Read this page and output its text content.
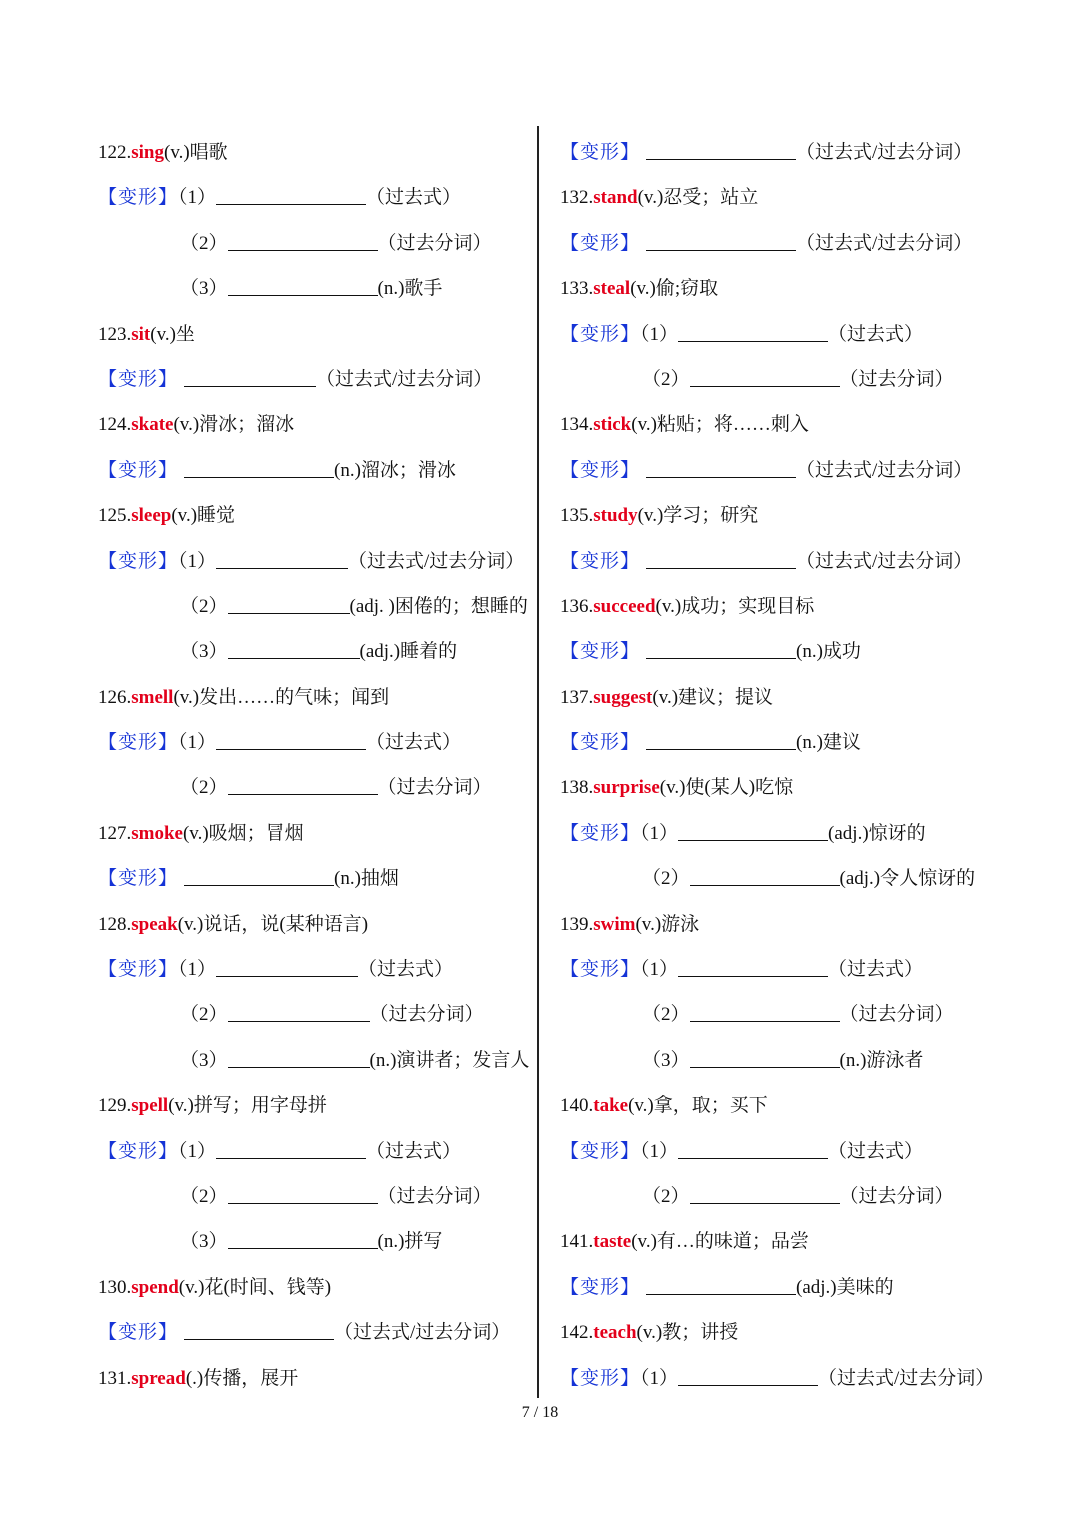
122.sing(v.)唱歌
【变形】（1）	（过去式）
（2）	（过去分词）
（3）	(n.)歌手
123.sit(v.)坐
【变形】	（过去式/过去分词）
124.skate(v.)滑冰；溜冰
【变形】	(n.)溜冰；滑冰
125.sleep(v.)睡觉
【变形】（1）	（过去式/过去分词）
（2）	(adj. )困倦的；想睡的
（3）	(adj.)睡着的
126.smell(v.)发出……的气味；闻到
【变形】（1）	（过去式）
（2）	（过去分词）
127.smoke(v.)吸烟；冒烟
【变形】	(n.)抽烟
128.speak(v.)说话，说(某种语言)
【变形】（1）	（过去式）
（2）	（过去分词）
（3）	(n.)演讲者；发言人
129.spell(v.)拼写；用字母拼
【变形】（1）	（过去式）
（2）	（过去分词）
（3）	(n.)拼写
130.spend(v.)花(时间、钱等)
【变形】	（过去式/过去分词）
131.spread(.)传播，展开
【变形】	（过去式/过去分词）
132.stand(v.)忍受；站立
【变形】	（过去式/过去分词）
133.steal(v.)偷;窃取
【变形】（1）	（过去式）
（2）	（过去分词）
134.stick(v.)粘贴；将……刺入
【变形】	（过去式/过去分词）
135.study(v.)学习；研究
【变形】	（过去式/过去分词）
136.succeed(v.)成功；实现目标
【变形】	(n.)成功
137.suggest(v.)建议；提议
【变形】	(n.)建议
138.surprise(v.)使(某人)吃惊
【变形】（1）	(adj.)惊讶的
（2）	(adj.)令人惊讶的
139.swim(v.)游泳
【变形】（1）	（过去式）
（2）	（过去分词）
（3）	(n.)游泳者
140.take(v.)拿，取；买下
【变形】（1）	（过去式）
（2）	（过去分词）
141.taste(v.)有…的味道；品尝
【变形】	(adj.)美味的
142.teach(v.)教；讲授
【变形】（1）	（过去式/过去分词）
7 / 18
